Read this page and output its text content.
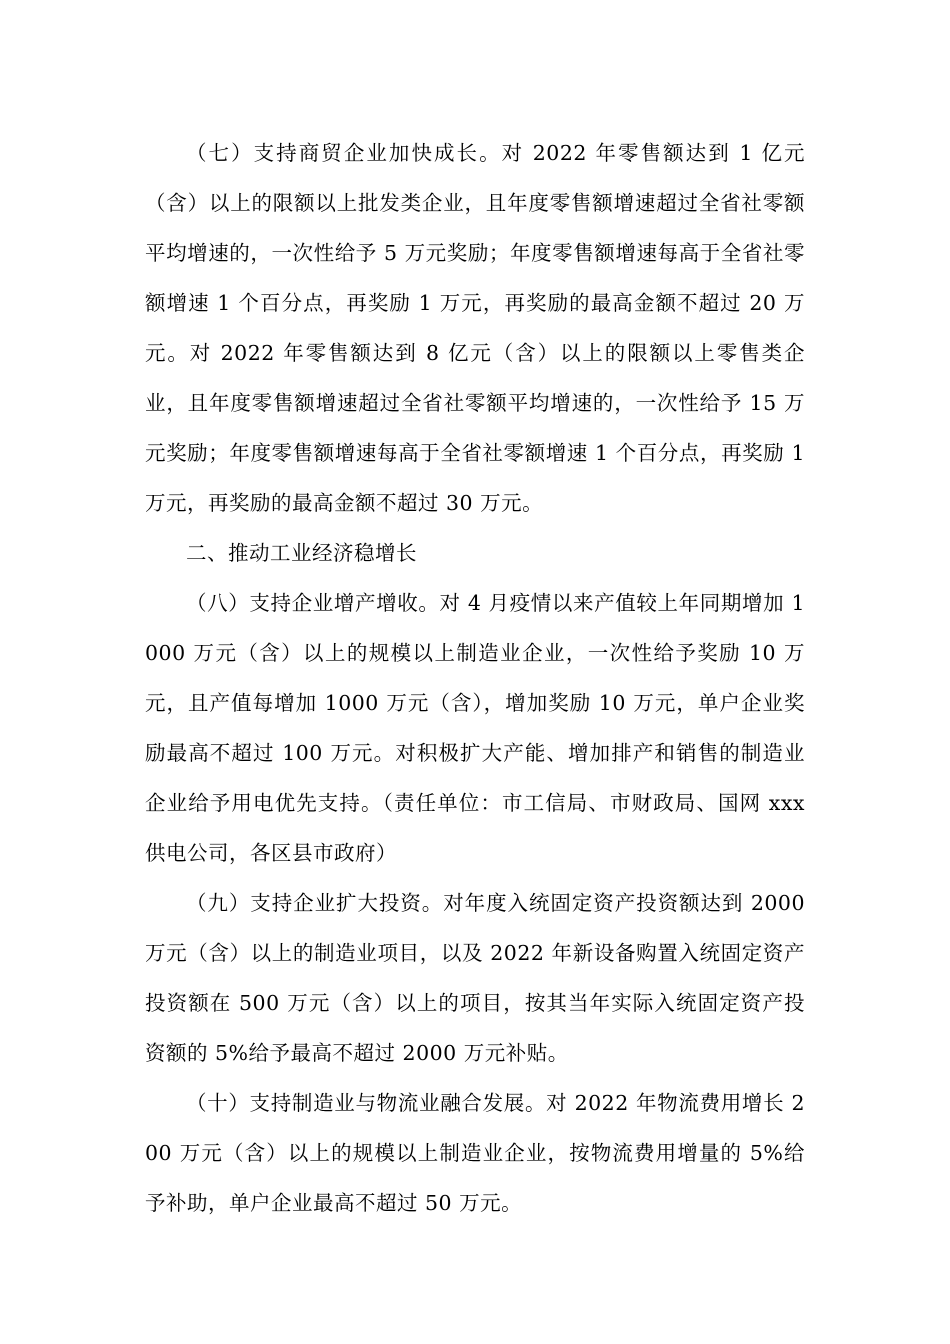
（七）支持商贸企业加快成长。对 2022 年零售额达到 1 亿元（含）以上的限额以上批发类企业，且年度零售额增速超过全省社零额平均增速的，一次性给予 5 万元奖励；年度零售额增速每高于全省社零额增速 1 个百分点，再奖励 1 万元，再奖励的最高金额不超过 20 万元。对 2022 年零售额达到 8 亿元（含）以上的限额以上零售类企业，且年度零售额增速超过全省社零额平均增速的，一次性给予 15 万元奖励；年度零售额增速每高于全省社零额增速 1 个百分点，再奖励 1 万元，再奖励的最高金额不超过 30 万元。

二、推动工业经济稳增长

（八）支持企业增产增收。对 4 月疫情以来产值较上年同期增加 1000 万元（含）以上的规模以上制造业企业，一次性给予奖励 10 万元，且产值每增加 1000 万元（含），增加奖励 10 万元，单户企业奖励最高不超过 100 万元。对积极扩大产能、增加排产和销售的制造业企业给予用电优先支持。（责任单位：市工信局、市财政局、国网 xxx 供电公司，各区县市政府）

（九）支持企业扩大投资。对年度入统固定资产投资额达到 2000 万元（含）以上的制造业项目，以及 2022 年新设备购置入统固定资产投资额在 500 万元（含）以上的项目，按其当年实际入统固定资产投资额的 5%给予最高不超过 2000 万元补贴。

（十）支持制造业与物流业融合发展。对 2022 年物流费用增长 200 万元（含）以上的规模以上制造业企业，按物流费用增量的 5%给予补助，单户企业最高不超过 50 万元。
